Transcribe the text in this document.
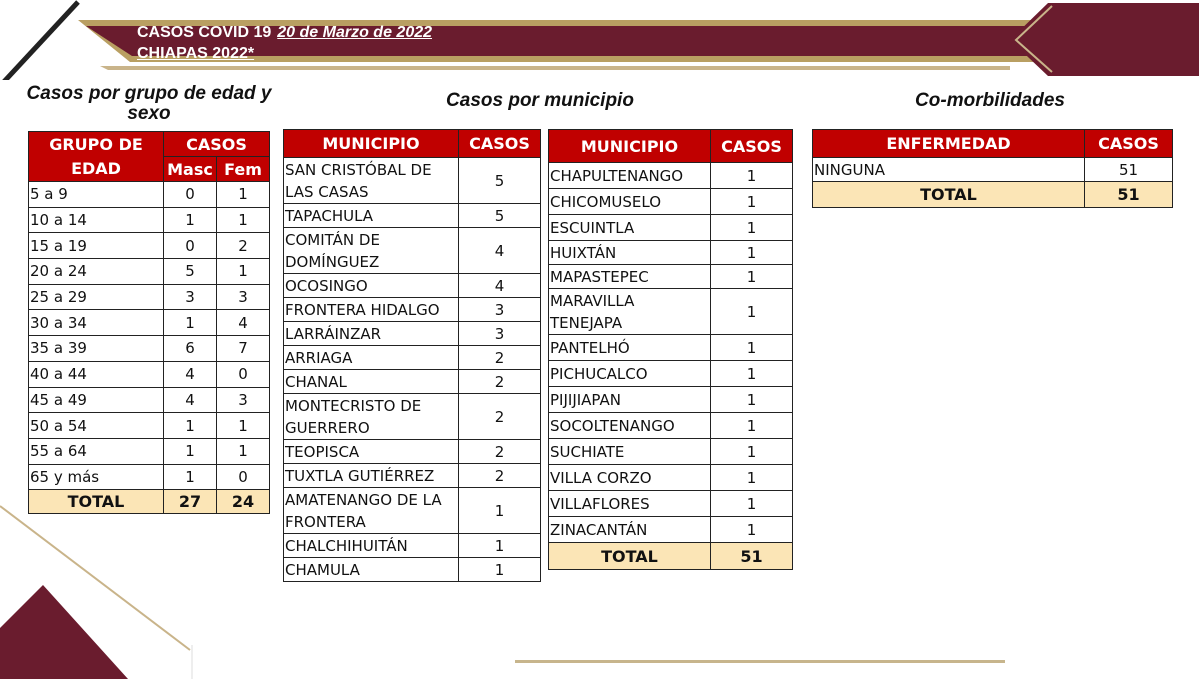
CASOS COVID 19 20 de Marzo de 2022
CHIAPAS 2022*
Casos por grupo de edad y sexo
Casos por municipio	Co-morbilidades
GRUPO DE EDAD	CASOS	
	Masc	Fem
5 a 9	0	1
10 a 14	1	1
15 a 19	0	2
20 a 24	5	1
25 a 29	3	3
30 a 34	1	4
35 a 39	6	7
40 a 44	4	0
45 a 49	4	3
50 a 54	1	1
55 a 64	1	1
65 y más	1	0
TOTAL	27	24
MUNICIPIO	CASOS
SAN CRISTÓBAL DE LAS CASAS	5
TAPACHULA	5
COMITÁN DE DOMÍNGUEZ	4
OCOSINGO	4
FRONTERA HIDALGO	3
LARRÁINZAR	3
ARRIAGA	2
CHANAL	2
MONTECRISTO DE GUERRERO	2
TEOPISCA	2
TUXTLA GUTIÉRREZ	2
AMATENANGO DE LA FRONTERA	1
CHALCHIHUITÁN	1
CHAMULA	1
MUNICIPIO	CASOS
CHAPULTENANGO	1
CHICOMUSELO	1
ESCUINTLA	1
HUIXTÁN	1
MAPASTEPEC	1
MARAVILLA TENEJAPA	1
PANTELHÓ	1
PICHUCALCO	1
PIJIJIAPAN	1
SOCOLTENANGO	1
SUCHIATE	1
VILLA CORZO	1
VILLAFLORES	1
ZINACANTÁN	1
TOTAL	51
ENFERMEDAD	CASOS
NINGUNA	51
TOTAL	51
